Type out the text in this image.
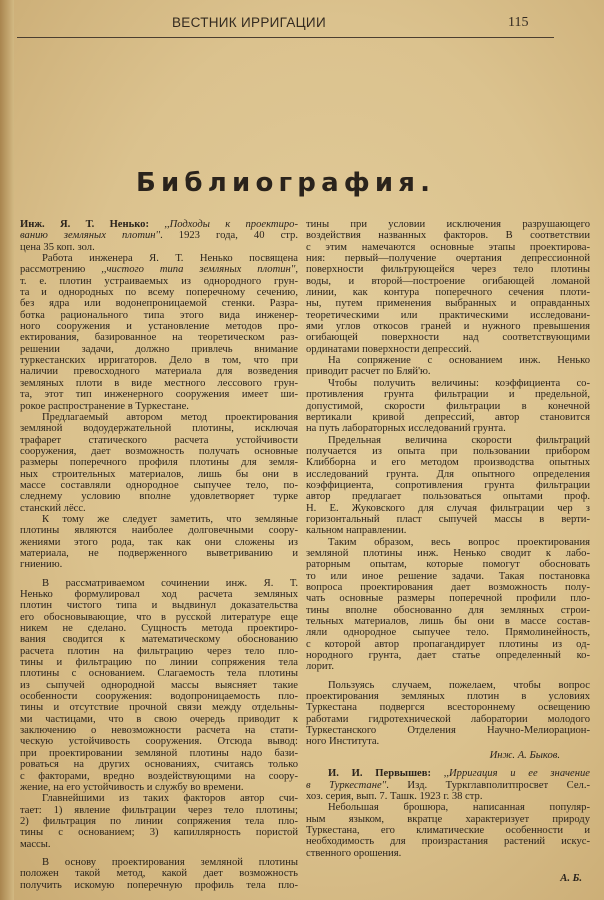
ВЕСТНИК ИРРИГАЦИИ	115
Библиография.
Инж. Я. Т. Ненько: ,,Подходы к проектиро-
ванию земляных плотин''. 1923 года, 40 стр.
цена 35 коп. зол.
Работа инженера Я. Т. Ненько посвящена
рассмотрению ,,чистого типа земляных плотин'',
т. е. плотин устраиваемых из однородного грун-
та и однородных по всему поперечному сечению,
без ядра или водонепроницаемой стенки. Разра-
ботка рационального типа этого вида инженер-
ного сооружения и установление методов про-
ектирования, базированное на теоретическом раз-
решении задачи, должно привлечь внимание
туркестанских ирригаторов. Дело в том, что при
наличии превосходного материала для возведения
земляных плоти в виде местного лессового грун-
та, этот тип инженерного сооружения имеет ши-
рокое распространение в Туркестане.
Предлагаемый автором метод проектирования
земляной водоудержательной плотины, исключая
трафарет статического расчета устойчивости
сооружения, дает возможность получать основные
размеры поперечного профиля плотины для земля-
ных строительных материалов, лишь бы они в
массе составляли однородное сыпучее тело, по-
следнему условию вполне удовлетворяет турке
станский лёсс.
К тому же следует заметить, что земляные
плотины являются наиболее долговечными соору-
жениями этого рода, так как они сложены из
материала, не подверженного выветриванию и
гниению.
В рассматриваемом сочинении инж. Я. Т.
Ненько формулировал ход расчета земляных
плотин чистого типа и выдвинул доказательства
его обосновывающие, что в русской литературе еще
никем не сделано. Сущность метода проектиро-
вания сводится к математическому обоснованию
расчета плотин на фильтрацию через тело пло-
тины и фильтрацию по линии сопряжения тела
плотины с основанием. Слагаемость тела плотины
из сыпучей однородной массы выясняет такие
особенности сооружения: водопроницаемость пло-
тины и отсутствие прочной связи между отдельны-
ми частицами, что в свою очередь приводит к
заключению о невозможности расчета на стати-
ческую устойчивость сооружения. Отсюда вывод:
при проектировании земляной плотины надо бази-
роваться на других основаниях, считаясь только
с факторами, вредно воздействующими на соору-
жение, на его устойчивость и службу во времени.
Главнейшими из таких факторов автор счи-
тает: 1) явление фильтрации через тело плотины;
2) фильтрация по линии сопряжения тела пло-
тины с основанием; 3) капиллярность пористой
массы.
В основу проектирования земляной плотины
положен такой метод, какой дает возможность
получить искомую поперечную профиль тела пло-
тины при условии исключения разрушающего
воздействия названных факторов. В соответствии
с этим намечаются основные этапы проектирова-
ния: первый—получение очертания депрессионной
поверхности фильтрующейся через тело плотины
воды, и второй—построение огибающей ломаной
линии, как контура поперечного сечения плоти-
ны, путем применения выбранных и оправданных
теоретическими или практическими исследовани-
ями углов откосов граней и нужного превышения
огибающей поверхности над соответствующими
ординатами поверхности депрессий.
На сопряжение с основанием инж. Ненько
приводит расчет по Бляй'ю.
Чтобы получить величины: коэффициента со-
противления грунта фильтрации и предельной,
допустимой, скорости фильтрации в конечной
вертикали кривой депрессий, автор становится
на путь лабораторных исследований грунта.
Предельная величина скорости фильтраций
получается из опыта при пользовании прибором
Клибборна и его методом производства опытных
исследований грунта. Для опытного определения
коэффициента, сопротивления грунта фильтрации
автор предлагает пользоваться опытами проф.
Н. Е. Жуковского для случая фильтрации чер з
горизонтальный пласт сыпучей массы в верти-
кальном направлении.
Таким образом, весь вопрос проектирования
земляной плотины инж. Ненько сводит к лабо-
раторным опытам, которые помогут обосновать
то или иное решение задачи. Такая постановка
вопроса проектирования дает возможность полу-
чать основные размеры поперечной профили пло-
тины вполне обоснованно для земляных строи-
тельных материалов, лишь бы они в массе состав-
ляли однородное сыпучее тело. Прямолинейность,
с которой автор пропагандирует плотины из од-
нородного грунта, дает статье определенный ко-
лорит.
Пользуясь случаем, пожелаем, чтобы вопрос
проектирования земляных плотин в условиях
Туркестана подвергся всестороннему освещению
работами гидротехнической лаборатории молодого
Туркестанского Отделения Научно-Мелиорацион-
ного Института.
Инж. А. Быков.
И. И. Первышев: ,,Ирригация и ее значение
в Туркестане''. Изд. Туркглавполитпросвет Сел.-
хоз. серия, вып. 7. Ташк. 1923 г. 38 стр.
Небольшая брошюра, написанная популяр-
ным языком, вкратце характеризует природу
Туркестана, его климатические особенности и
необходимость для произрастания растений искус-
ственного орошения.
А. Б.
